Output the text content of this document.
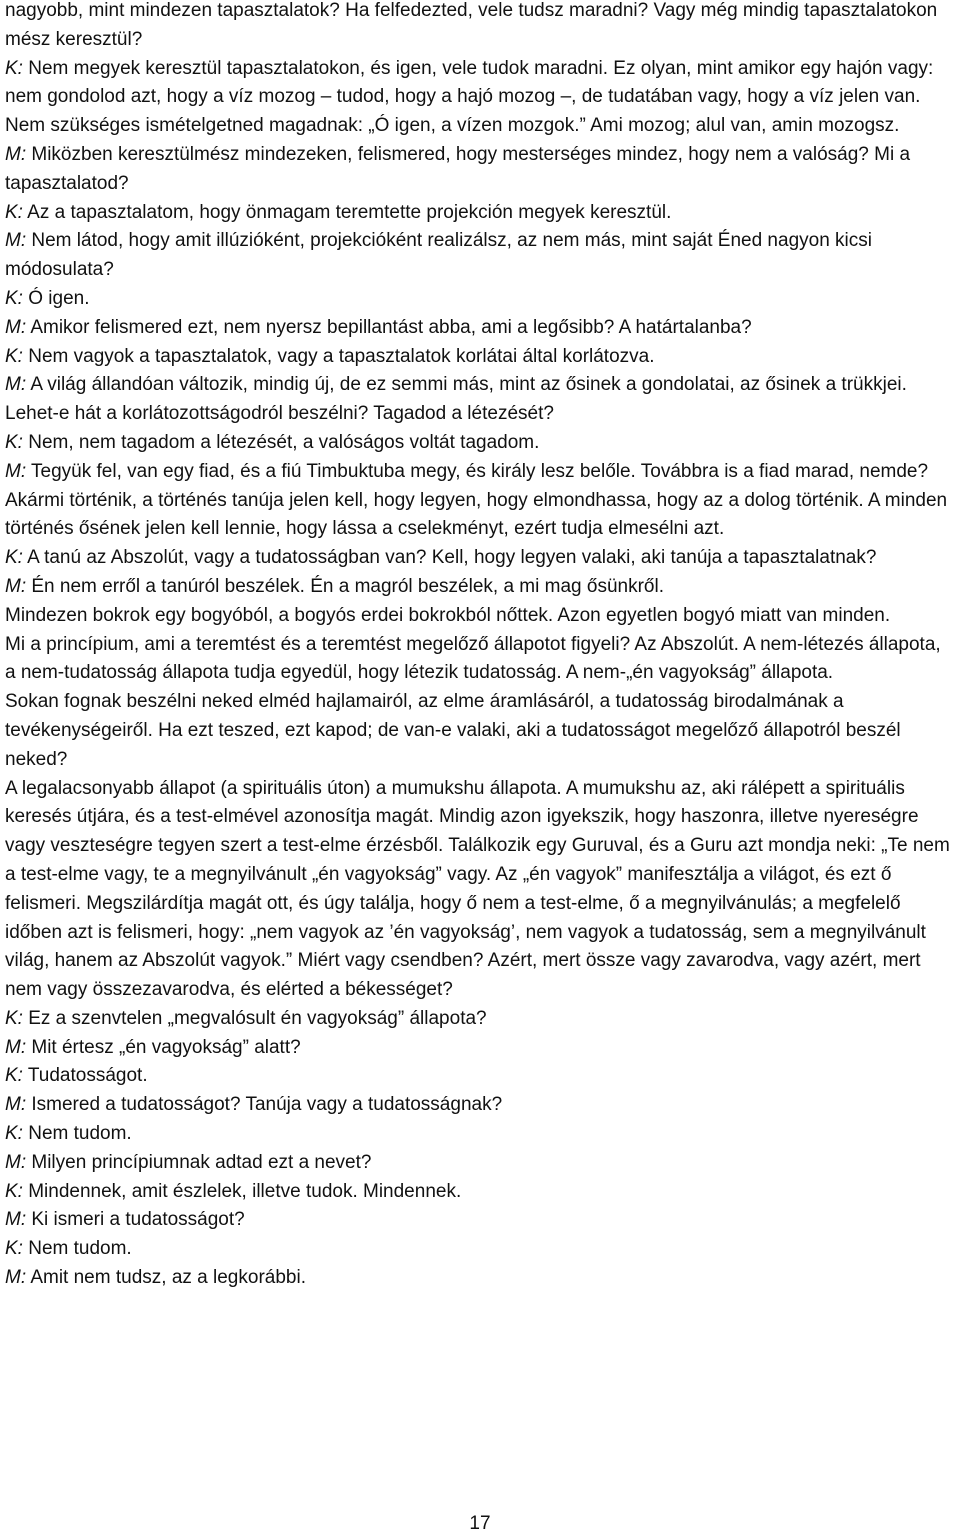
nagyobb, mint mindezen tapasztalatok? Ha felfedezted, vele tudsz maradni? Vagy még mindig tapasztalatokon mész keresztül?

K: Nem megyek keresztül tapasztalatokon, és igen, vele tudok maradni. Ez olyan, mint amikor egy hajón vagy: nem gondolod azt, hogy a víz mozog – tudod, hogy a hajó mozog –, de tudatában vagy, hogy a víz jelen van. Nem szükséges ismételgetned magadnak: „Ó igen, a vízen mozgok.” Ami mozog; alul van, amin mozogsz.

M: Miközben keresztülmész mindezeken, felismered, hogy mesterséges mindez, hogy nem a valóság? Mi a tapasztalatod?

K: Az a tapasztalatom, hogy önmagam teremtette projekción megyek keresztül.

M: Nem látod, hogy amit illúzióként, projekcióként realizálsz, az nem más, mint saját Éned nagyon kicsi módosulata?

K: Ó igen.

M: Amikor felismered ezt, nem nyersz bepillantást abba, ami a legősibb? A határtalanba?

K: Nem vagyok a tapasztalatok, vagy a tapasztalatok korlátai által korlátozva.

M: A világ állandóan változik, mindig új, de ez semmi más, mint az ősinek a gondolatai, az ősinek a trükkjei. Lehet-e hát a korlátozottságodról beszélni? Tagadod a létezését?

K: Nem, nem tagadom a létezését, a valóságos voltát tagadom.

M: Tegyük fel, van egy fiad, és a fiú Timbuktuba megy, és király lesz belőle. Továbbra is a fiad marad, nemde?

Akármi történik, a történés tanúja jelen kell, hogy legyen, hogy elmondhassa, hogy az a dolog történik. A minden történés ősének jelen kell lennie, hogy lássa a cselekményt, ezért tudja elmesélni azt.

K: A tanú az Abszolút, vagy a tudatosságban van? Kell, hogy legyen valaki, aki tanúja a tapasztalatnak?

M: Én nem erről a tanúról beszélek. Én a magról beszélek, a mi mag ősünkről.

Mindezen bokrok egy bogyóból, a bogyós erdei bokrokból nőttek. Azon egyetlen bogyó miatt van minden.

Mi a princípium, ami a teremtést és a teremtést megelőző állapotot figyeli? Az Abszolút. A nem-létezés állapota, a nem-tudatosság állapota tudja egyedül, hogy létezik tudatosság. A nem-„én vagyokság” állapota.

Sokan fognak beszélni neked elméd hajlamairól, az elme áramlásáról, a tudatosság birodalmának a tevékenységeiről. Ha ezt teszed, ezt kapod; de van-e valaki, aki a tudatosságot megelőző állapotról beszél neked?

A legalacsonyabb állapot (a spirituális úton) a mumukshu állapota. A mumukshu az, aki rálépett a spirituális keresés útjára, és a test-elmével azonosítja magát. Mindig azon igyekszik, hogy haszonra, illetve nyereségre vagy veszteségre tegyen szert a test-elme érzésből. Találkozik egy Guruval, és a Guru azt mondja neki: „Te nem a test-elme vagy, te a megnyilvánult „én vagyokság” vagy. Az „én vagyok” manifesztálja a világot, és ezt ő felismeri. Megszilárdítja magát ott, és úgy találja, hogy ő nem a test-elme, ő a megnyilvánulás; a megfelelő időben azt is felismeri, hogy: „nem vagyok az ’én vagyokság’, nem vagyok a tudatosság, sem a megnyilvánult világ, hanem az Abszolút vagyok.” Miért vagy csendben? Azért, mert össze vagy zavarodva, vagy azért, mert nem vagy összezavarodva, és elérted a békességet?

K: Ez a szenvtelen „megvalósult én vagyokság” állapota?

M: Mit értesz „én vagyokság” alatt?

K: Tudatosságot.

M: Ismered a tudatosságot? Tanúja vagy a tudatosságnak?

K: Nem tudom.

M: Milyen princípiumnak adtad ezt a nevet?

K: Mindennek, amit észlelek, illetve tudok. Mindennek.

M: Ki ismeri a tudatosságot?

K: Nem tudom.

M: Amit nem tudsz, az a legkorábbi.

17
